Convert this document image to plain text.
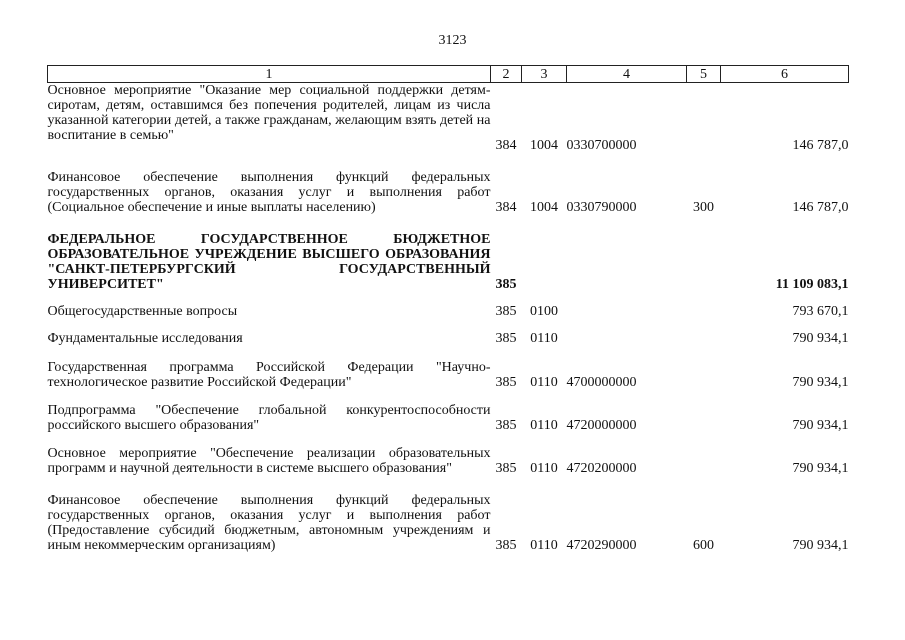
3123
1	2	3	4	5	6
Основное мероприятие "Оказание мер социальной поддержки детям-сиротам, детям, оставшимся без попечения родителей, лицам из числа указанной категории детей, а также гражданам, желающим взять детей на воспитание в семью"	384	1004	0330700000		146 787,0
Финансовое обеспечение выполнения функций федеральных государственных органов, оказания услуг и выполнения работ (Социальное обеспечение и иные выплаты населению)	384	1004	0330790000	300	146 787,0
ФЕДЕРАЛЬНОЕ ГОСУДАРСТВЕННОЕ БЮДЖЕТНОЕ ОБРАЗОВАТЕЛЬНОЕ УЧРЕЖДЕНИЕ ВЫСШЕГО ОБРАЗОВАНИЯ "САНКТ-ПЕТЕРБУРГСКИЙ ГОСУДАРСТВЕННЫЙ УНИВЕРСИТЕТ"	385				11 109 083,1
Общегосударственные вопросы	385	0100			793 670,1
Фундаментальные исследования	385	0110			790 934,1
Государственная программа Российской Федерации "Научно-технологическое развитие Российской Федерации"	385	0110	4700000000		790 934,1
Подпрограмма "Обеспечение глобальной конкурентоспособности российского высшего образования"	385	0110	4720000000		790 934,1
Основное мероприятие "Обеспечение реализации образовательных программ и научной деятельности в системе высшего образования"	385	0110	4720200000		790 934,1
Финансовое обеспечение выполнения функций федеральных государственных органов, оказания услуг и выполнения работ (Предоставление субсидий бюджетным, автономным учреждениям и иным некоммерческим организациям)	385	0110	4720290000	600	790 934,1
